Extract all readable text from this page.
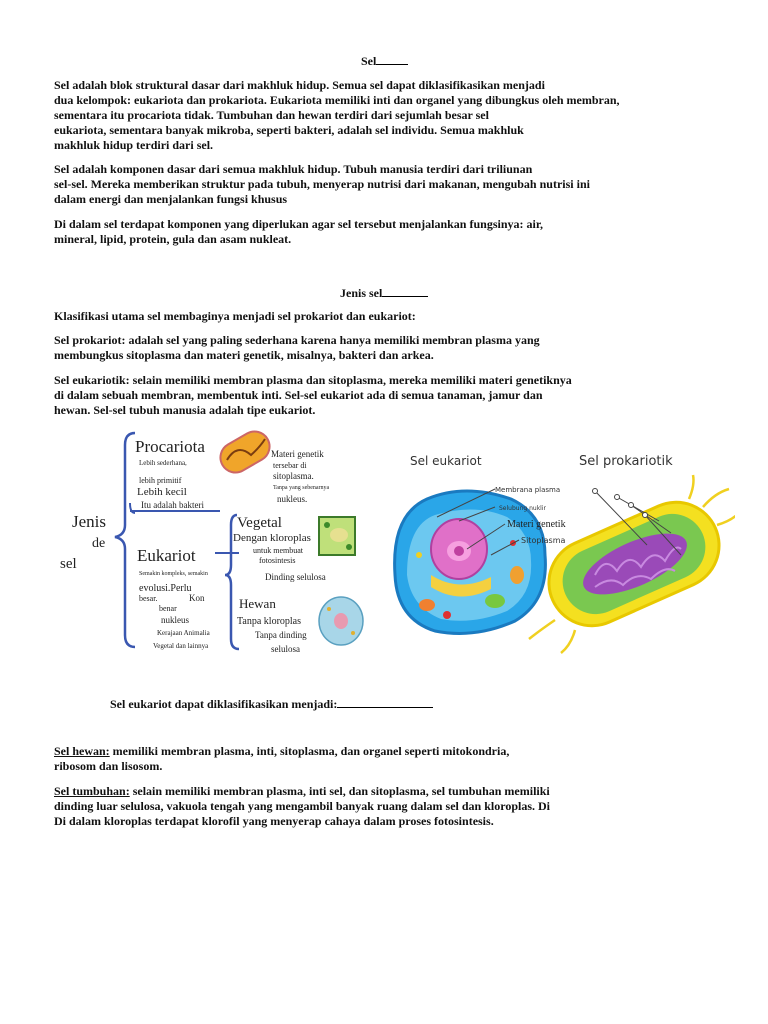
Sel
Sel adalah blok struktural dasar dari makhluk hidup. Semua sel dapat diklasifikasikan menjadi
dua kelompok: eukariota dan prokariota. Eukariota memiliki inti dan organel yang dibungkus oleh membran,
sementara itu procariota tidak. Tumbuhan dan hewan terdiri dari sejumlah besar sel
eukariota, sementara banyak mikroba, seperti bakteri, adalah sel individu. Semua makhluk
makhluk hidup terdiri dari sel.
Sel adalah komponen dasar dari semua makhluk hidup. Tubuh manusia terdiri dari triliunan
sel-sel. Mereka memberikan struktur pada tubuh, menyerap nutrisi dari makanan, mengubah nutrisi ini
dalam energi dan menjalankan fungsi khusus
Di dalam sel terdapat komponen yang diperlukan agar sel tersebut menjalankan fungsinya: air,
mineral, lipid, protein, gula dan asam nukleat.
Jenis sel
Klasifikasi utama sel membaginya menjadi sel prokariot dan eukariot:
Sel prokariot: adalah sel yang paling sederhana karena hanya memiliki membran plasma yang
membungkus sitoplasma dan materi genetik, misalnya, bakteri dan arkea.
Sel eukariotik: selain memiliki membran plasma dan sitoplasma, mereka memiliki materi genetiknya
di dalam sebuah membran, membentuk inti. Sel-sel eukariot ada di semua tanaman, jamur dan
hewan. Sel-sel tubuh manusia adalah tipe eukariot.
Jenis
de
sel
Procariota
Lebih sederhana,
lebih primitif
Lebih kecil
Itu adalah bakteri
Materi genetik
tersebar di
sitoplasma.
Tanpa yang sebenarnya
nukleus.
Eukariot
Semakin kompleks, semakin
evolusi.Perlu
besar.	Kon
benar
nukleus
Kerajaan Animalia
Vegetal dan lainnya
Vegetal
Dengan kloroplas
untuk membuat
fotosintesis
Dinding selulosa
Hewan
Tanpa kloroplas
Tanpa dinding
selulosa
Sel eukariot
Membrana plasma
Selubung nuklir
Materi genetik
Sitoplasma
Sel prokariotik
Sel eukariot dapat diklasifikasikan menjadi:
Sel hewan: memiliki membran plasma, inti, sitoplasma, dan organel seperti mitokondria,
ribosom dan lisosom.
Sel tumbuhan: selain memiliki membran plasma, inti sel, dan sitoplasma, sel tumbuhan memiliki
dinding luar selulosa, vakuola tengah yang mengambil banyak ruang dalam sel dan kloroplas. Di
Di dalam kloroplas terdapat klorofil yang menyerap cahaya dalam proses fotosintesis.
